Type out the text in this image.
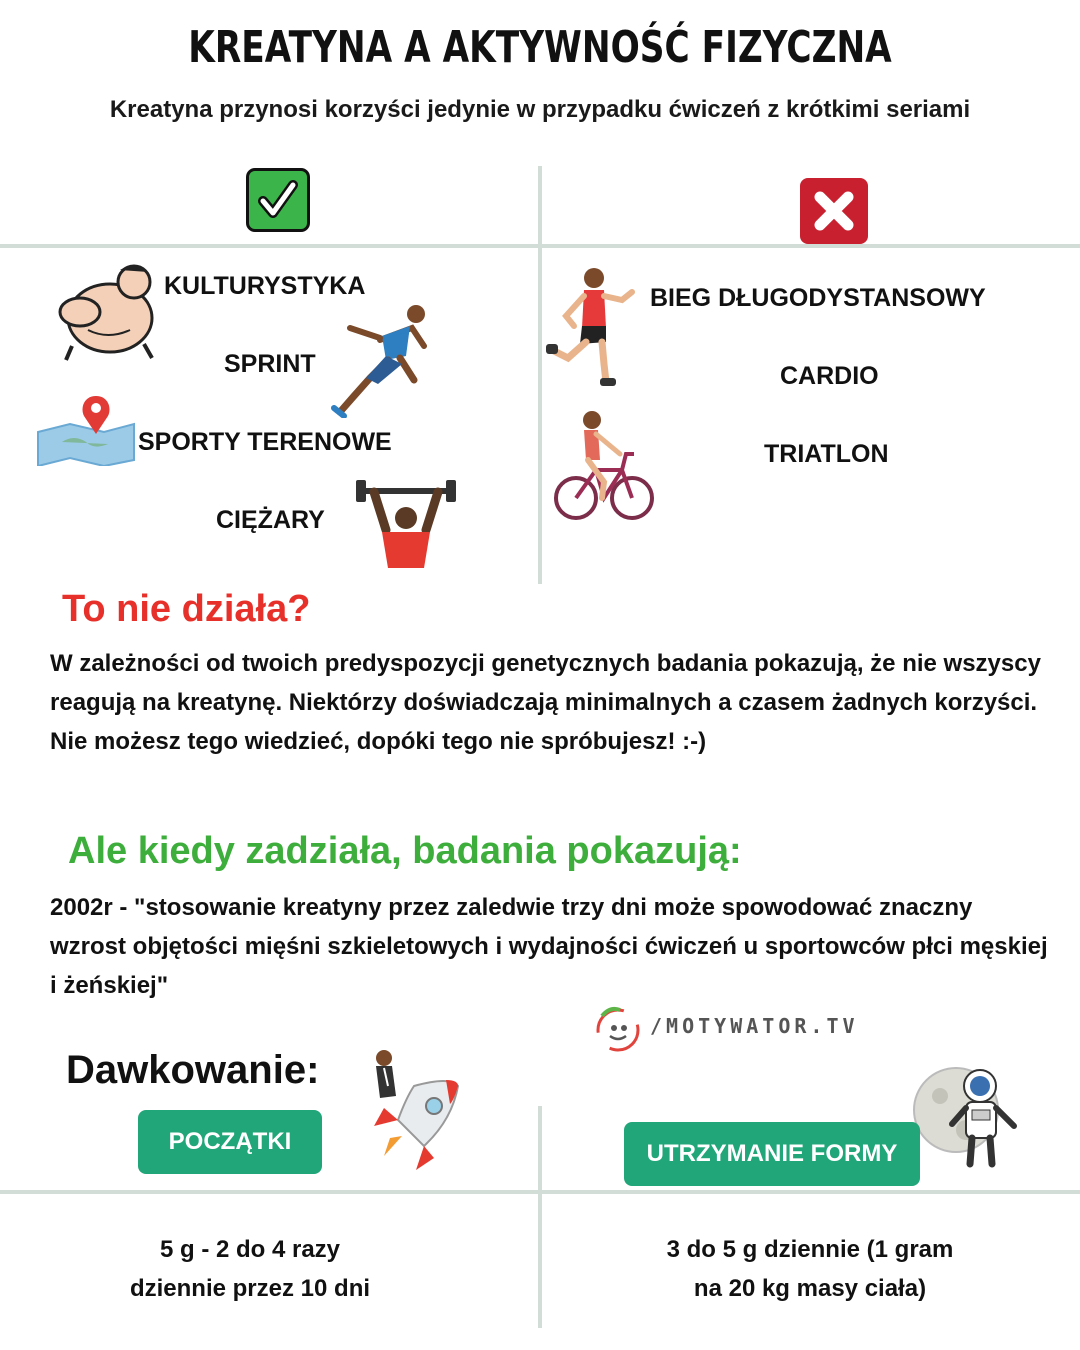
KREATYNA A AKTYWNOŚĆ FIZYCZNA
Kreatyna przynosi korzyści jedynie w przypadku ćwiczeń z krótkimi seriami
KULTURYSTYKA
SPRINT
SPORTY TERENOWE
CIĘŻARY
BIEG DŁUGODYSTANSOWY
CARDIO
TRIATLON
To nie działa?
W zależności od twoich predyspozycji genetycznych badania pokazują, że nie wszyscy reagują na kreatynę. Niektórzy doświadczają minimalnych a czasem żadnych korzyści. Nie możesz tego wiedzieć, dopóki tego nie spróbujesz! :-)
Ale kiedy zadziała, badania pokazują:
2002r - "stosowanie kreatyny przez zaledwie trzy dni może spowodować znaczny wzrost objętości mięśni szkieletowych i wydajności ćwiczeń u sportowców płci męskiej i żeńskiej"
/MOTYWATOR.TV
Dawkowanie:
POCZĄTKI	UTRZYMANIE FORMY
5 g - 2 do 4 razy
dziennie przez 10 dni
3 do 5 g dziennie (1 gram
na 20 kg masy ciała)
